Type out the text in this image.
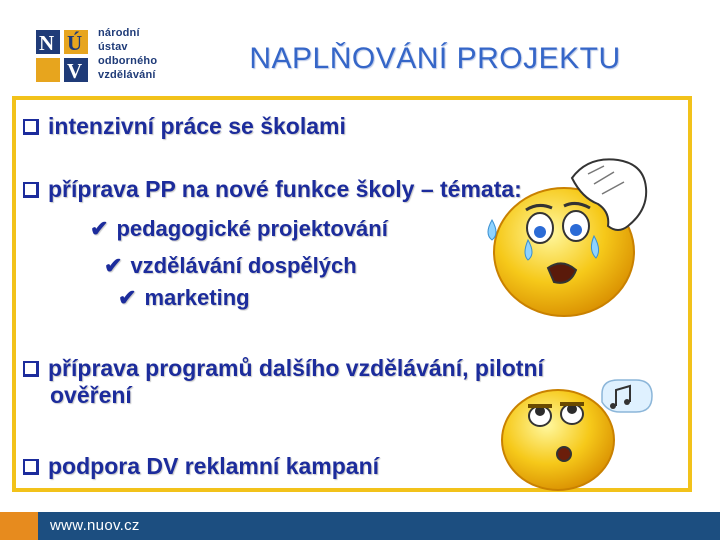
N Ú
V
národní
ústav
odborného
vzdělávání	NAPLŇOVÁNÍ PROJEKTU
intenzivní práce se školami
příprava PP na nové funkce školy – témata:
✔ pedagogické projektování
✔ vzdělávání dospělých
✔ marketing
příprava programů dalšího vzdělávání, pilotní
ověření
podpora DV reklamní kampaní
www.nuov.cz
